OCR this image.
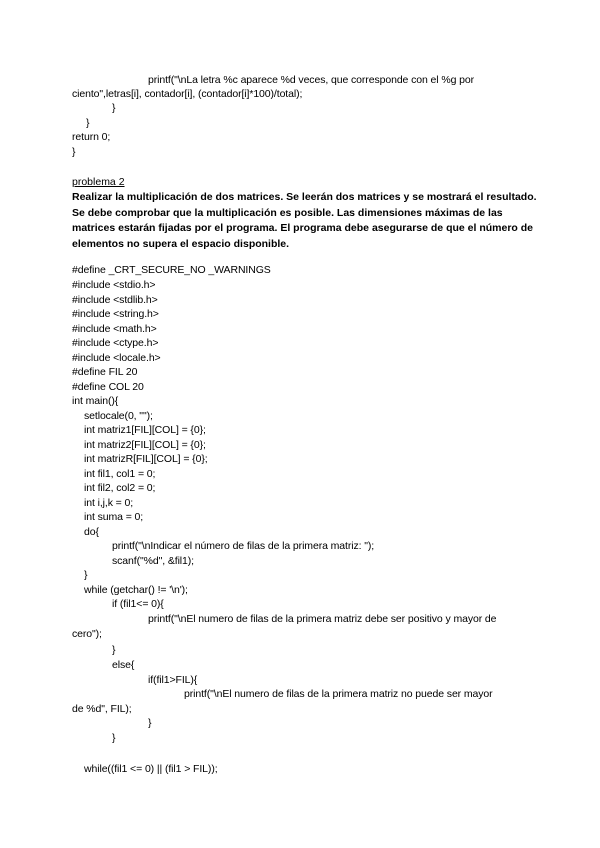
printf("\nLa letra %c aparece %d veces, que corresponde con el %g por
ciento",letras[i], contador[i], (contador[i]*100)/total);
}
}
return 0;
}
problema 2
Realizar la multiplicación de dos matrices. Se leerán dos matrices y se mostrará el resultado. Se debe comprobar que la multiplicación es posible. Las dimensiones máximas de las matrices estarán fijadas por el programa. El programa debe asegurarse de que el número de elementos no supera el espacio disponible.
#define _CRT_SECURE_NO _WARNINGS
#include <stdio.h>
#include <stdlib.h>
#include <string.h>
#include <math.h>
#include <ctype.h>
#include <locale.h>
#define FIL 20
#define COL 20
int main(){
setlocale(0, "");
int matriz1[FIL][COL] = {0};
int matriz2[FIL][COL] = {0};
int matrizR[FIL][COL] = {0};
int fil1, col1 = 0;
int fil2, col2 = 0;
int i,j,k = 0;
int suma = 0;
do{
printf("\nIndicar el número de filas de la primera matriz: ");
scanf("%d", &fil1);
}
while (getchar() != '\n');
if (fil1<= 0){
printf("\nEl numero de filas de la primera matriz debe ser positivo y mayor de
cero");
}
else{
if(fil1>FIL){
printf("\nEl numero de filas de la primera matriz no puede ser mayor
de %d", FIL);
}
}
while((fil1 <= 0) || (fil1 > FIL));
